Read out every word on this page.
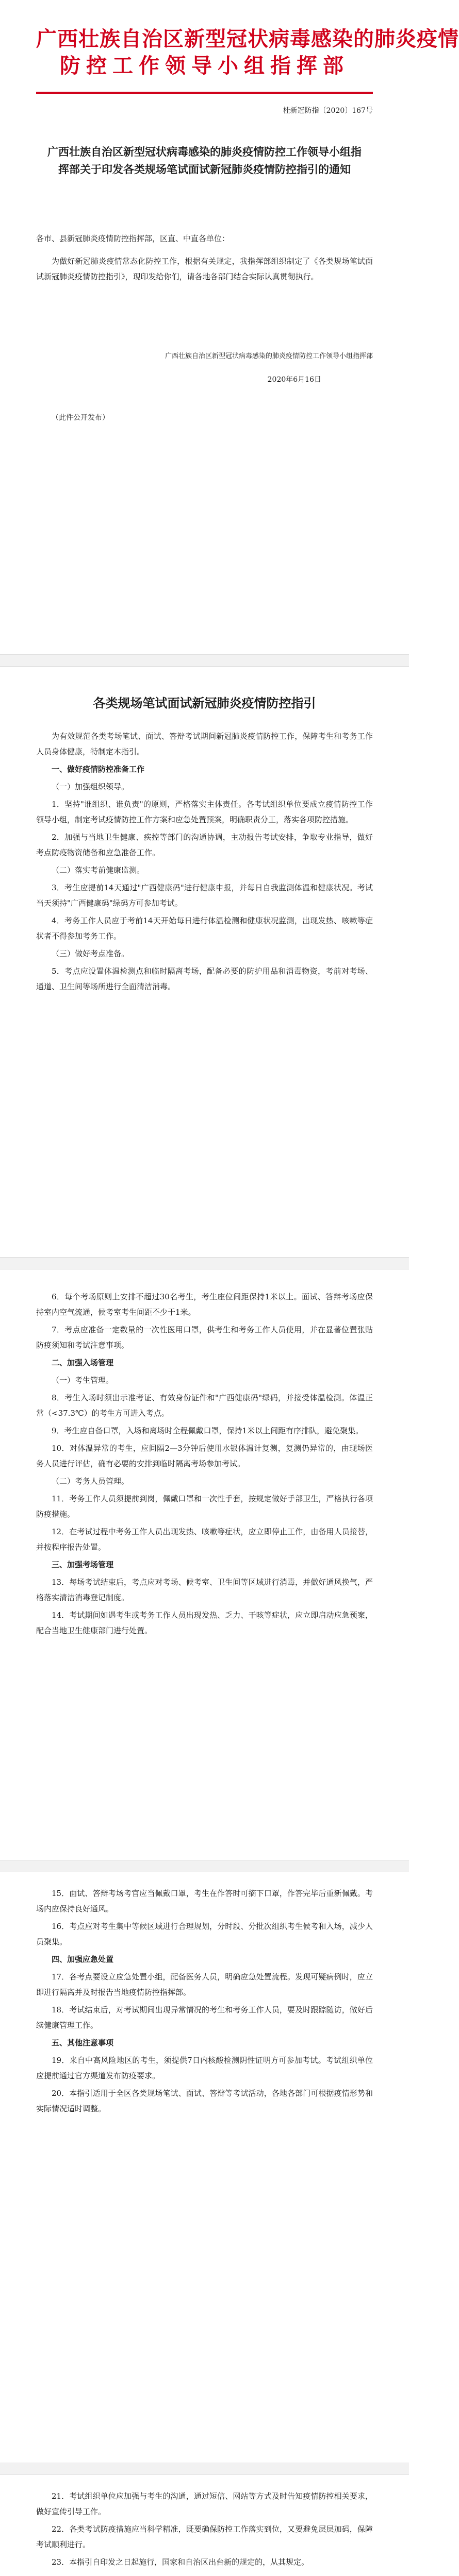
广西壮族自治区新型冠状病毒感染的肺炎疫情
防控工作领导小组指挥部
桂新冠防指〔2020〕167号
广西壮族自治区新型冠状病毒感染的肺炎疫情防控工作领导小组指挥部关于印发各类规场笔试面试新冠肺炎疫情防控指引的通知
各市、县新冠肺炎疫情防控指挥部，区直、中直各单位：
为做好新冠肺炎疫情常态化防控工作，根据有关规定，我指挥部组织制定了《各类规场笔试面试新冠肺炎疫情防控指引》，现印发给你们，请各地各部门结合实际认真贯彻执行。
广西壮族自治区新型冠状病毒感染的肺炎疫情防控工作领导小组指挥部
2020年6月16日
（此件公开发布）
各类规场笔试面试新冠肺炎疫情防控指引
为有效规范各类考场笔试、面试、答辩考试期间新冠肺炎疫情防控工作，保障考生和考务工作人员身体健康，特制定本指引。
一、做好疫情防控准备工作
（一）加强组织领导。
1．坚持"谁组织、谁负责"的原则，严格落实主体责任。各考试组织单位要成立疫情防控工作领导小组，制定考试疫情防控工作方案和应急处置预案，明确职责分工，落实各项防控措施。
2．加强与当地卫生健康、疾控等部门的沟通协调，主动报告考试安排，争取专业指导，做好考点防疫物资储备和应急准备工作。
（二）落实考前健康监测。
3．考生应提前14天通过"广西健康码"进行健康申报，并每日自我监测体温和健康状况。考试当天须持"广西健康码"绿码方可参加考试。
4．考务工作人员应于考前14天开始每日进行体温检测和健康状况监测，出现发热、咳嗽等症状者不得参加考务工作。
（三）做好考点准备。
5．考点应设置体温检测点和临时隔离考场，配备必要的防护用品和消毒物资，考前对考场、通道、卫生间等场所进行全面清洁消毒。
6．每个考场原则上安排不超过30名考生，考生座位间距保持1米以上。面试、答辩考场应保持室内空气流通，候考室考生间距不少于1米。
7．考点应准备一定数量的一次性医用口罩，供考生和考务工作人员使用，并在显著位置张贴防疫须知和考试注意事项。
二、加强入场管理
（一）考生管理。
8．考生入场时须出示准考证、有效身份证件和"广西健康码"绿码，并接受体温检测。体温正常（<37.3℃）的考生方可进入考点。
9．考生应自备口罩，入场和离场时全程佩戴口罩，保持1米以上间距有序排队，避免聚集。
10．对体温异常的考生，应间隔2—3分钟后使用水银体温计复测，复测仍异常的，由现场医务人员进行评估，确有必要的安排到临时隔离考场参加考试。
（二）考务人员管理。
11．考务工作人员须提前到岗，佩戴口罩和一次性手套，按规定做好手部卫生，严格执行各项防疫措施。
12．在考试过程中考务工作人员出现发热、咳嗽等症状，应立即停止工作，由备用人员接替，并按程序报告处置。
三、加强考场管理
13．每场考试结束后，考点应对考场、候考室、卫生间等区域进行消毒，并做好通风换气，严格落实清洁消毒登记制度。
14．考试期间如遇考生或考务工作人员出现发热、乏力、干咳等症状，应立即启动应急预案，配合当地卫生健康部门进行处置。
15．面试、答辩考场考官应当佩戴口罩，考生在作答时可摘下口罩，作答完毕后重新佩戴。考场内应保持良好通风。
16．考点应对考生集中等候区域进行合理规划，分时段、分批次组织考生候考和入场，减少人员聚集。
四、加强应急处置
17．各考点要设立应急处置小组，配备医务人员，明确应急处置流程。发现可疑病例时，应立即进行隔离并及时报告当地疫情防控指挥部。
18．考试结束后，对考试期间出现异常情况的考生和考务工作人员，要及时跟踪随访，做好后续健康管理工作。
五、其他注意事项
19．来自中高风险地区的考生，须提供7日内核酸检测阴性证明方可参加考试。考试组织单位应提前通过官方渠道发布防疫要求。
20．本指引适用于全区各类规场笔试、面试、答辩等考试活动，各地各部门可根据疫情形势和实际情况适时调整。
21．考试组织单位应加强与考生的沟通，通过短信、网站等方式及时告知疫情防控相关要求，做好宣传引导工作。
22．各类考试防疫措施应当科学精准，既要确保防控工作落实到位，又要避免层层加码，保障考试顺利进行。
23．本指引自印发之日起施行，国家和自治区出台新的规定的，从其规定。
